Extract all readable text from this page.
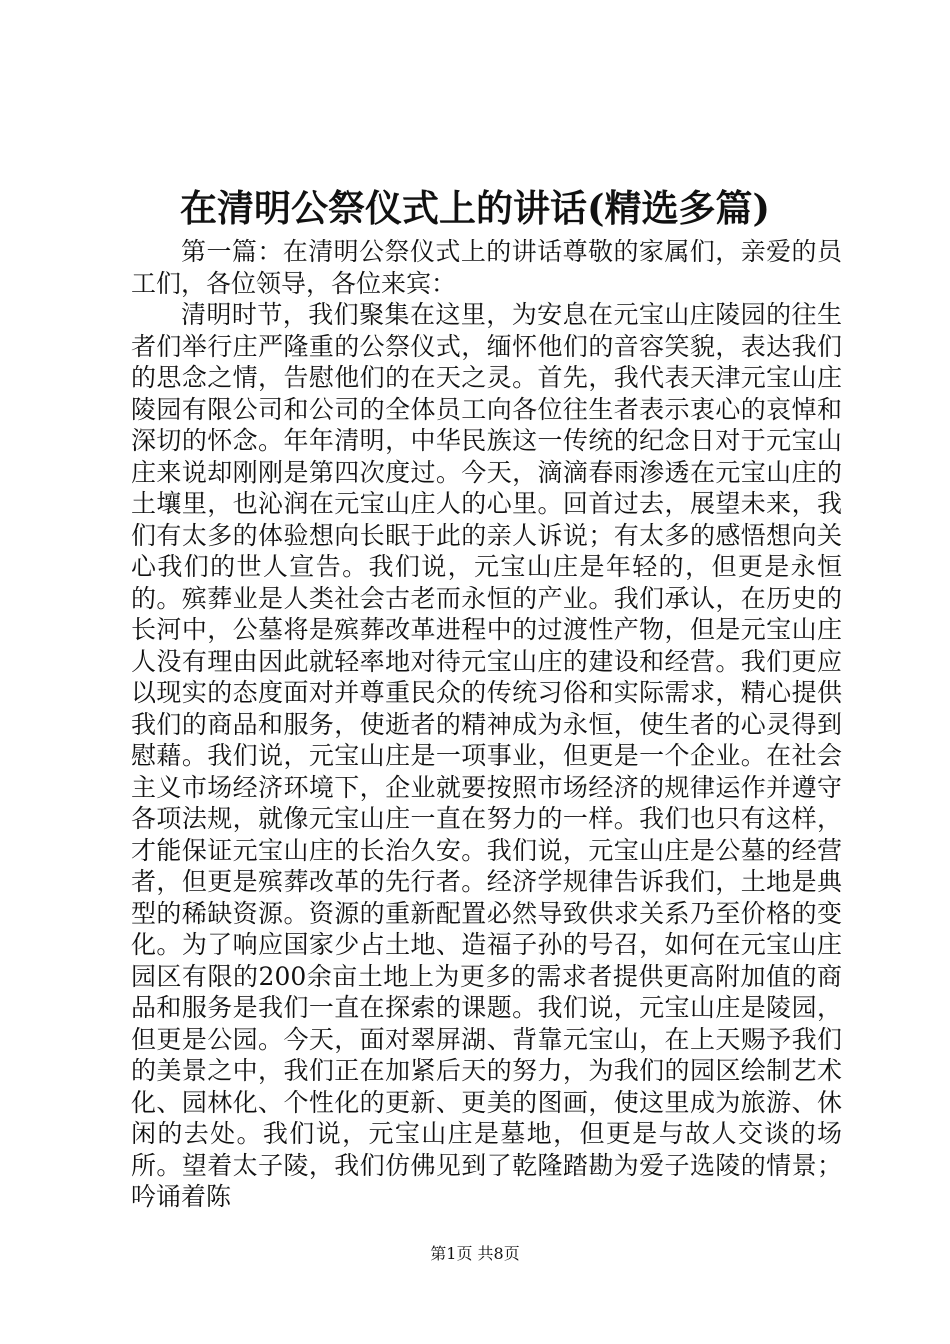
在清明公祭仪式上的讲话(精选多篇)

第一篇：在清明公祭仪式上的讲话尊敬的家属们，亲爱的员工们，各位领导，各位来宾：

清明时节，我们聚集在这里，为安息在元宝山庄陵园的往生者们举行庄严隆重的公祭仪式，缅怀他们的音容笑貌，表达我们的思念之情，告慰他们的在天之灵。首先，我代表天津元宝山庄陵园有限公司和公司的全体员工向各位往生者表示衷心的哀悼和深切的怀念。年年清明，中华民族这一传统的纪念日对于元宝山庄来说却刚刚是第四次度过。今天，滴滴春雨渗透在元宝山庄的土壤里，也沁润在元宝山庄人的心里。回首过去，展望未来，我们有太多的体验想向长眠于此的亲人诉说；有太多的感悟想向关心我们的世人宣告。我们说，元宝山庄是年轻的，但更是永恒的。殡葬业是人类社会古老而永恒的产业。我们承认，在历史的长河中，公墓将是殡葬改革进程中的过渡性产物，但是元宝山庄人没有理由因此就轻率地对待元宝山庄的建设和经营。我们更应以现实的态度面对并尊重民众的传统习俗和实际需求，精心提供我们的商品和服务，使逝者的精神成为永恒，使生者的心灵得到慰藉。我们说，元宝山庄是一项事业，但更是一个企业。在社会主义市场经济环境下，企业就要按照市场经济的规律运作并遵守各项法规，就像元宝山庄一直在努力的一样。我们也只有这样，才能保证元宝山庄的长治久安。我们说，元宝山庄是公墓的经营者，但更是殡葬改革的先行者。经济学规律告诉我们，土地是典型的稀缺资源。资源的重新配置必然导致供求关系乃至价格的变化。为了响应国家少占土地、造福子孙的号召，如何在元宝山庄园区有限的200余亩土地上为更多的需求者提供更高附加值的商品和服务是我们一直在探索的课题。我们说，元宝山庄是陵园，但更是公园。今天，面对翠屏湖、背靠元宝山，在上天赐予我们的美景之中，我们正在加紧后天的努力，为我们的园区绘制艺术化、园林化、个性化的更新、更美的图画，使这里成为旅游、休闲的去处。我们说，元宝山庄是墓地，但更是与故人交谈的场所。望着太子陵，我们仿佛见到了乾隆踏勘为爱子选陵的情景；吟诵着陈

第1页 共8页
